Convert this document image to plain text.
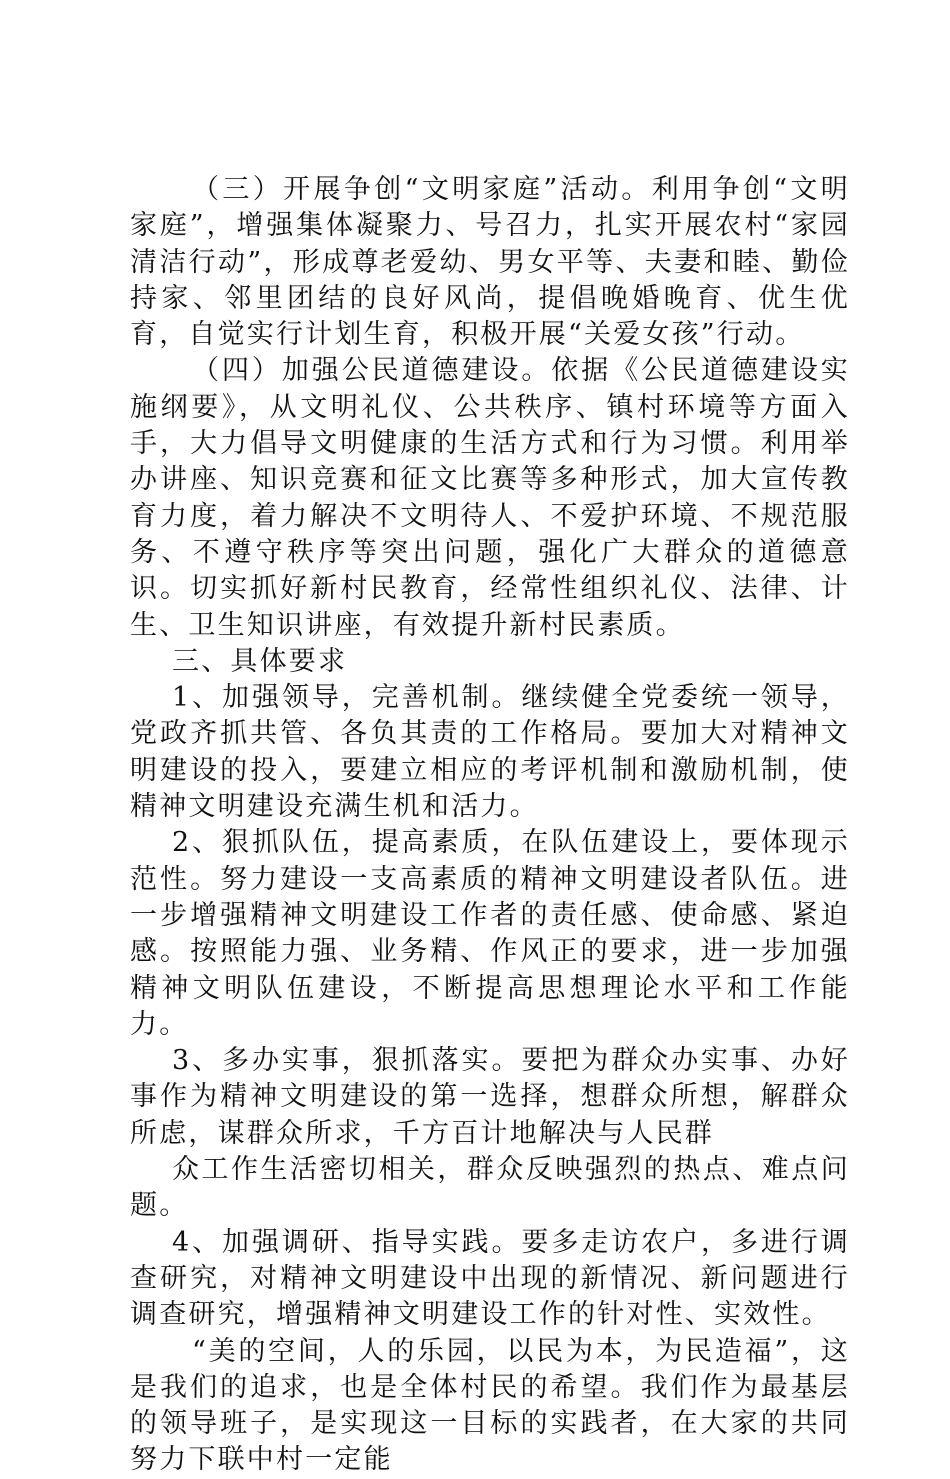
（三）开展争创“文明家庭”活动。利用争创“文明家庭”，增强集体凝聚力、号召力，扎实开展农村“家园清洁行动”，形成尊老爱幼、男女平等、夫妻和睦、勤俭持家、邻里团结的良好风尚，提倡晚婚晚育、优生优育，自觉实行计划生育，积极开展“关爱女孩”行动。

（四）加强公民道德建设。依据《公民道德建设实施纲要》，从文明礼仪、公共秩序、镇村环境等方面入手，大力倡导文明健康的生活方式和行为习惯。利用举办讲座、知识竞赛和征文比赛等多种形式，加大宣传教育力度，着力解决不文明待人、不爱护环境、不规范服务、不遵守秩序等突出问题，强化广大群众的道德意识。切实抓好新村民教育，经常性组织礼仪、法律、计生、卫生知识讲座，有效提升新村民素质。

三、具体要求

1、加强领导，完善机制。继续健全党委统一领导，党政齐抓共管、各负其责的工作格局。要加大对精神文明建设的投入，要建立相应的考评机制和激励机制，使精神文明建设充满生机和活力。

2、狠抓队伍，提高素质，在队伍建设上，要体现示范性。努力建设一支高素质的精神文明建设者队伍。进一步增强精神文明建设工作者的责任感、使命感、紧迫感。按照能力强、业务精、作风正的要求，进一步加强精神文明队伍建设，不断提高思想理论水平和工作能力。

3、多办实事，狠抓落实。要把为群众办实事、办好事作为精神文明建设的第一选择，想群众所想，解群众所虑，谋群众所求，千方百计地解决与人民群

众工作生活密切相关，群众反映强烈的热点、难点问题。

4、加强调研、指导实践。要多走访农户，多进行调查研究，对精神文明建设中出现的新情况、新问题进行调查研究，增强精神文明建设工作的针对性、实效性。

“美的空间，人的乐园，以民为本，为民造福”，这是我们的追求，也是全体村民的希望。我们作为最基层的领导班子，是实现这一目标的实践者，在大家的共同努力下联中村一定能
